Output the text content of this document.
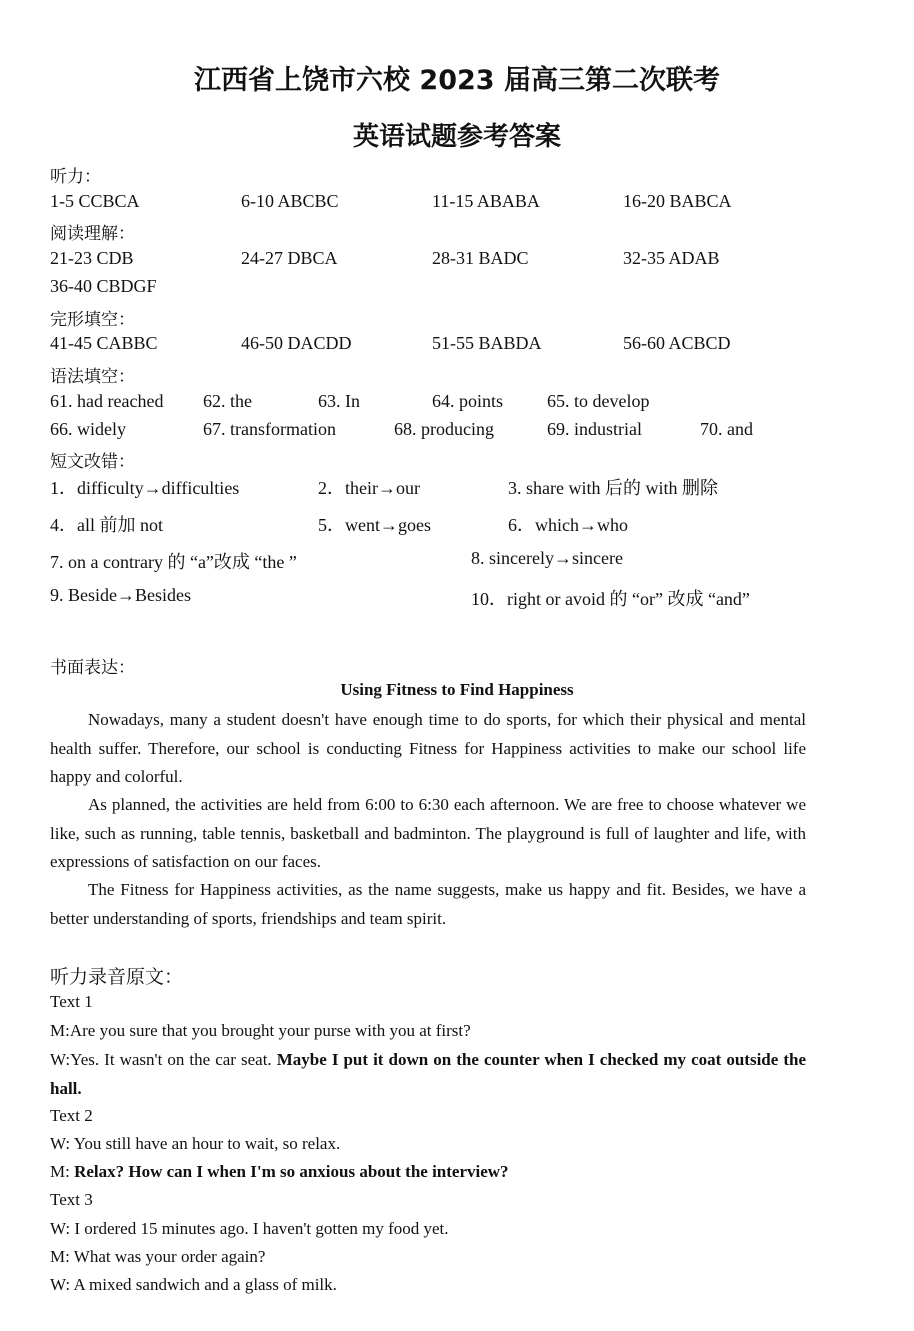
江西省上饶市六校 2023 届高三第二次联考
英语试题参考答案
听力：
1-5 CCBCA	6-10 ABCBC	11-15 ABABA	16-20 BABCA
阅读理解：
21-23 CDB	24-27 DBCA	28-31 BADC	32-35 ADAB
36-40 CBDGF
完形填空：
41-45 CABBC	46-50 DACDD	51-55 BABDA	56-60 ACBCD
语法填空：
61. had reached 62. the	63. In	64. points 65. to develop
66. widely	67. transformation	68. producing	69. industrial	70. and
短文改错：
1．difficulty→difficulties	2．their→our	3. share with 后的 with 删除
4．all 前加 not	5．went→goes	6．which→who
7. on a contrary 的 “a”改成 “the ”	8. sincerely→sincere
9. Beside→Besides	10．right or avoid 的 “or” 改成 “and”
书面表达：
Using Fitness to Find Happiness
Nowadays, many a student doesn't have enough time to do sports, for which their physical and mental health suffer. Therefore, our school is conducting Fitness for Happiness activities to make our school life happy and colorful.
As planned, the activities are held from 6:00 to 6:30 each afternoon. We are free to choose whatever we like, such as running, table tennis, basketball and badminton. The playground is full of laughter and life, with expressions of satisfaction on our faces.
The Fitness for Happiness activities, as the name suggests, make us happy and fit. Besides, we have a better understanding of sports, friendships and team spirit.
听力录音原文：
Text 1
M:Are you sure that you brought your purse with you at first?
W:Yes. It wasn't on the car seat. Maybe I put it down on the counter when I checked my coat outside the hall.
Text 2
W: You still have an hour to wait, so relax.
M: Relax? How can I when I'm so anxious about the interview?
Text 3
W: I ordered 15 minutes ago. I haven't gotten my food yet.
M: What was your order again?
W: A mixed sandwich and a glass of milk.
